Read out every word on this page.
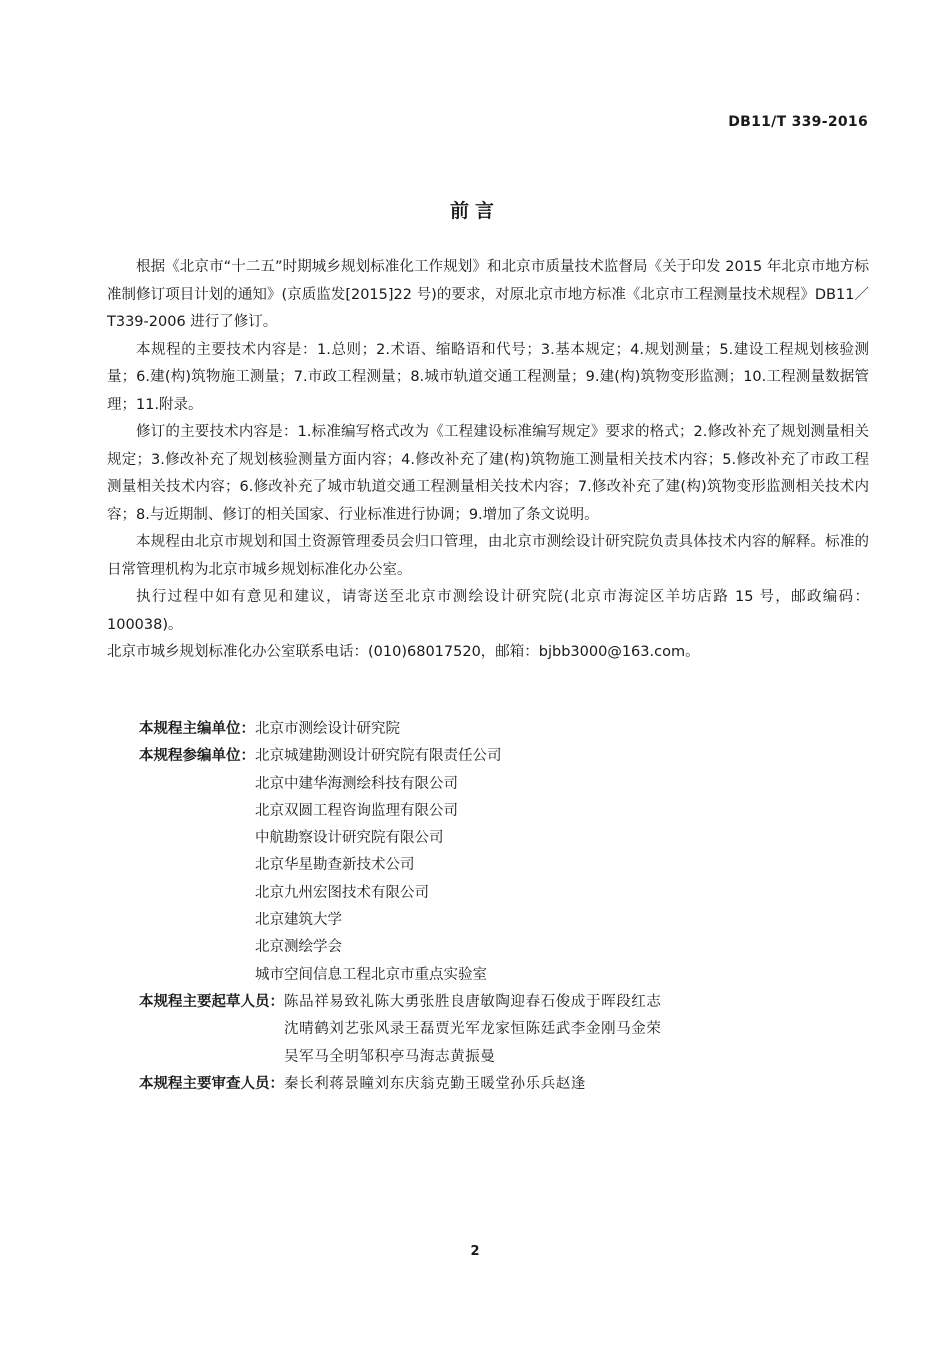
DB11/T 339-2016
前言

根据《北京市“十二五”时期城乡规划标准化工作规划》和北京市质量技术监督局《关于印发 2015 年北京市地方标准制修订项目计划的通知》(京质监发[2015]22 号)的要求，对原北京市地方标准《北京市工程测量技术规程》DB11／T339-2006 进行了修订。

本规程的主要技术内容是：1.总则；2.术语、缩略语和代号；3.基本规定；4.规划测量；5.建设工程规划核验测量；6.建(构)筑物施工测量；7.市政工程测量；8.城市轨道交通工程测量；9.建(构)筑物变形监测；10.工程测量数据管理；11.附录。

修订的主要技术内容是：1.标准编写格式改为《工程建设标准编写规定》要求的格式；2.修改补充了规划测量相关规定；3.修改补充了规划核验测量方面内容；4.修改补充了建(构)筑物施工测量相关技术内容；5.修改补充了市政工程测量相关技术内容；6.修改补充了城市轨道交通工程测量相关技术内容；7.修改补充了建(构)筑物变形监测相关技术内容；8.与近期制、修订的相关国家、行业标准进行协调；9.增加了条文说明。

本规程由北京市规划和国土资源管理委员会归口管理，由北京市测绘设计研究院负责具体技术内容的解释。标准的日常管理机构为北京市城乡规划标准化办公室。

执行过程中如有意见和建议，请寄送至北京市测绘设计研究院(北京市海淀区羊坊店路 15 号，邮政编码：100038)。

北京市城乡规划标准化办公室联系电话：(010)68017520，邮箱：bjbb3000@163.com。

本规程主编单位： 北京市测绘设计研究院
本规程参编单位： 北京城建勘测设计研究院有限责任公司
北京中建华海测绘科技有限公司
北京双圆工程咨询监理有限公司
中航勘察设计研究院有限公司
北京华星勘查新技术公司
北京九州宏图技术有限公司
北京建筑大学
北京测绘学会
城市空间信息工程北京市重点实验室
本规程主要起草人员： 陈品祥易致礼陈大勇张胜良唐敏陶迎春石俊成于晖段红志
沈晴鹤刘艺张风录王磊贾光军龙家恒陈廷武李金刚马金荣
吴军马全明邹积亭马海志黄振曼
本规程主要审查人员： 秦长利蒋景瞳刘东庆翁克勤王暖堂孙乐兵赵逢
2
